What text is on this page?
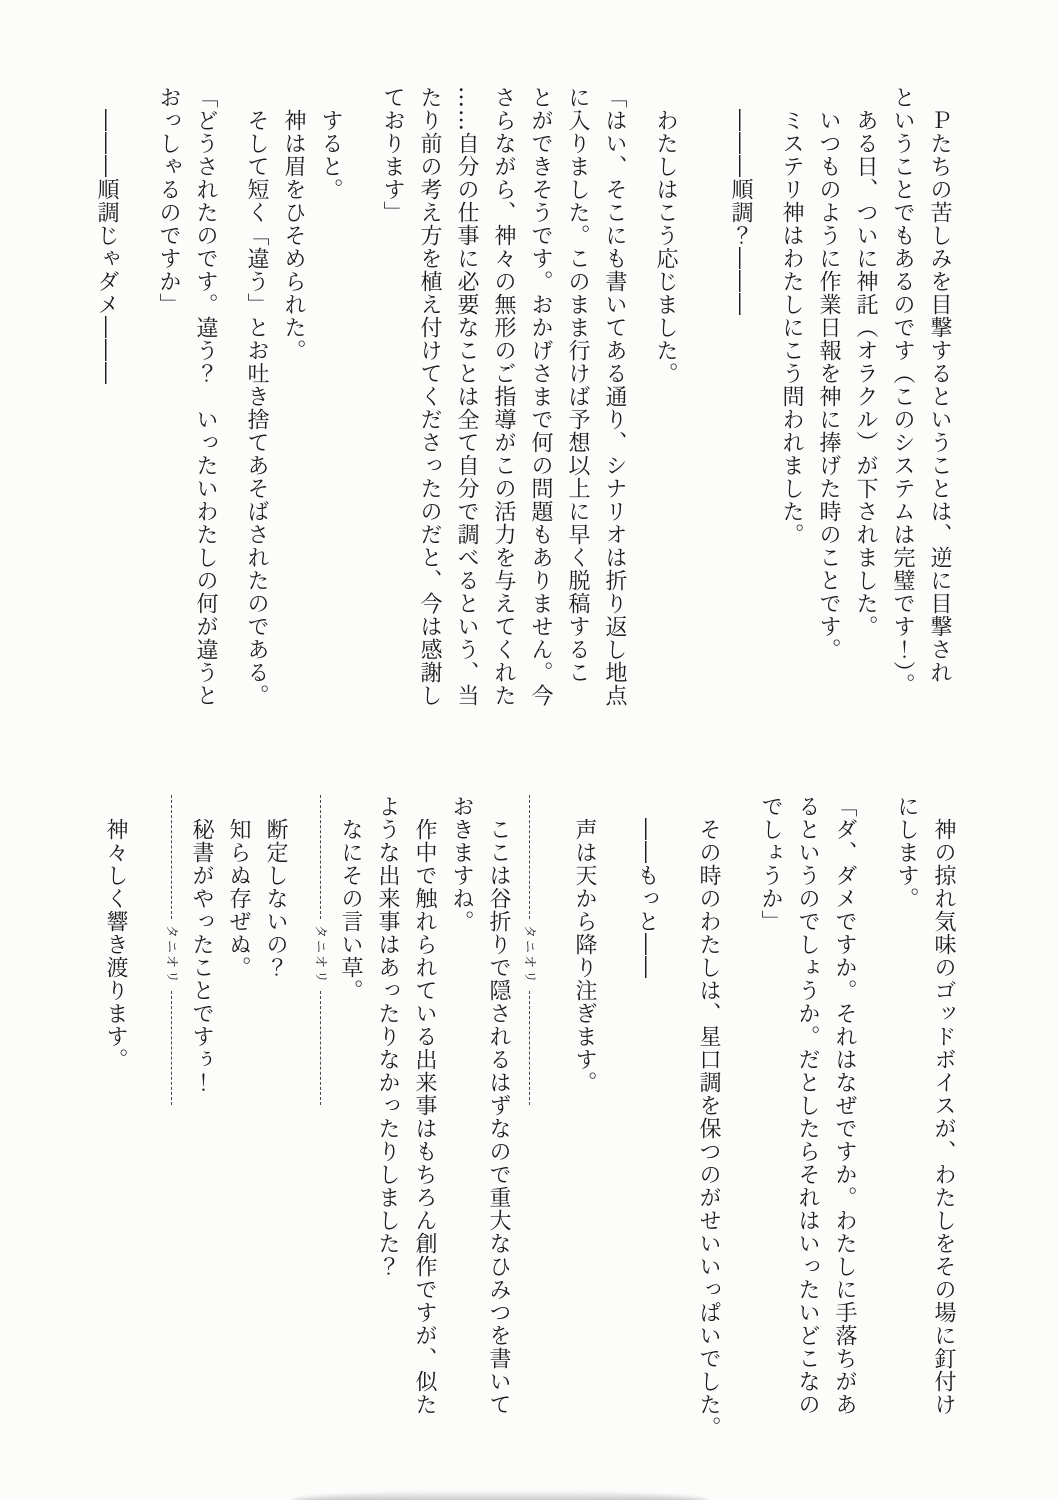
　Ｐたちの苦しみを目撃するということは、逆に目撃され
ということでもあるのです（このシステムは完璧です！）。
　ある日、ついに神託（オラクル）が下されました。
　いつものように作業日報を神に捧げた時のことです。
　ミステリ神はわたしにこう問われました。
　―――順調？―――
　わたしはこう応じました。
「はい、そこにも書いてある通り、シナリオは折り返し地点
に入りました。このまま行けば予想以上に早く脱稿するこ
とができそうです。おかげさまで何の問題もありません。今
さらながら、神々の無形のご指導がこの活力を与えてくれた
……自分の仕事に必要なことは全て自分で調べるという、当
たり前の考え方を植え付けてくださったのだと、今は感謝し
ております」
　すると。
　神は眉をひそめられた。
　そして短く「違う」とお吐き捨てあそばされたのである。
「どうされたのです。違う？　いったいわたしの何が違うと
おっしゃるのですか」
　―――順調じゃダメ―――
　神の掠れ気味のゴッドボイスが、わたしをその場に釘付け
にします。
「ダ、ダメですか。それはなぜですか。わたしに手落ちがあ
るというのでしょうか。だとしたらそれはいったいどこなの
でしょうか」
　その時のわたしは、星口調を保つのがせいいっぱいでした。
　――もっと――
　声は天から降り注ぎます。
タニオリ
　ここは谷折りで隠されるはずなので重大なひみつを書いて
おきますね。
　作中で触れられている出来事はもちろん創作ですが、似た
ような出来事はあったりなかったりしました？
　なにその言い草。
タニオリ
　断定しないの？
　知らぬ存ぜぬ。
　秘書がやったことですぅ！
タニオリ
　神々しく響き渡ります。
